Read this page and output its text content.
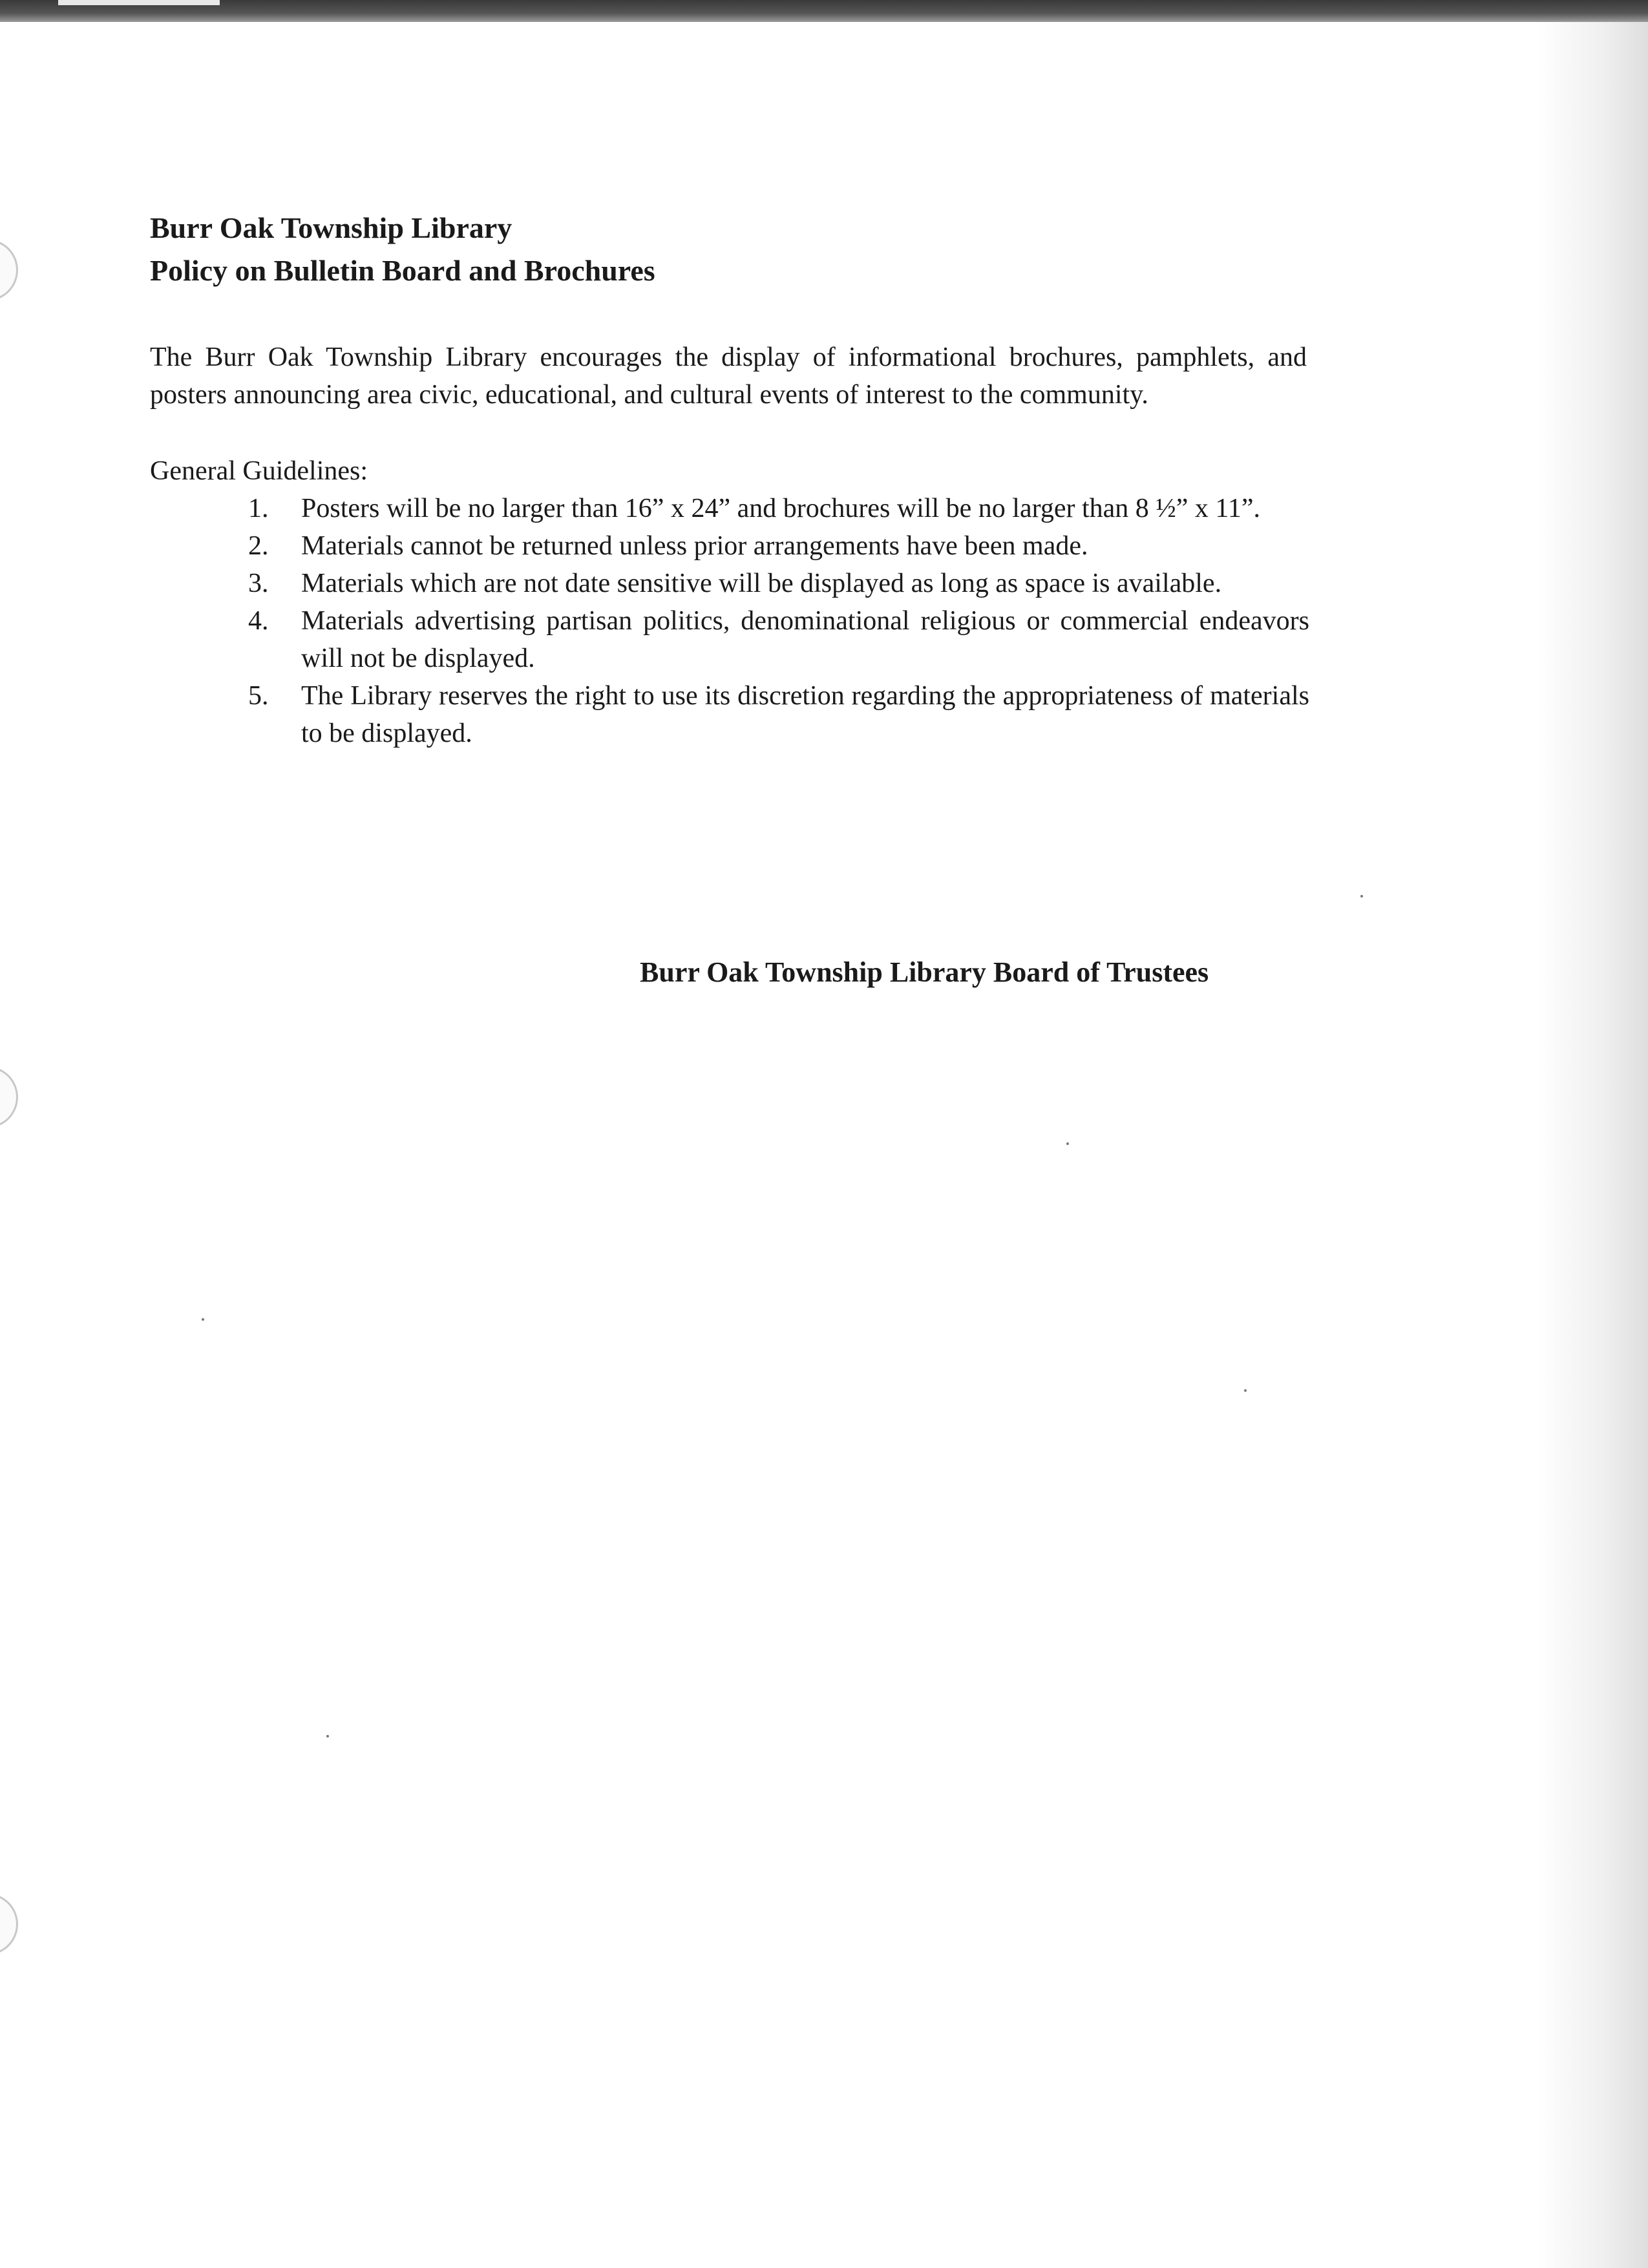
Burr Oak Township Library

Policy on Bulletin Board and Brochures

The Burr Oak Township Library encourages the display of informational brochures, pamphlets, and posters announcing area civic, educational, and cultural events of interest to the community.

General Guidelines:

1.	Posters will be no larger than 16” x 24” and brochures will be no larger than 8 ½” x 11”.
2.	Materials cannot be returned unless prior arrangements have been made.
3.	Materials which are not date sensitive will be displayed as long as space is available.
4.	Materials advertising partisan politics, denominational religious or commercial endeavors will not be displayed.
5.	The Library reserves the right to use its discretion regarding the appropriateness of materials to be displayed.
Burr Oak Township Library Board of Trustees
